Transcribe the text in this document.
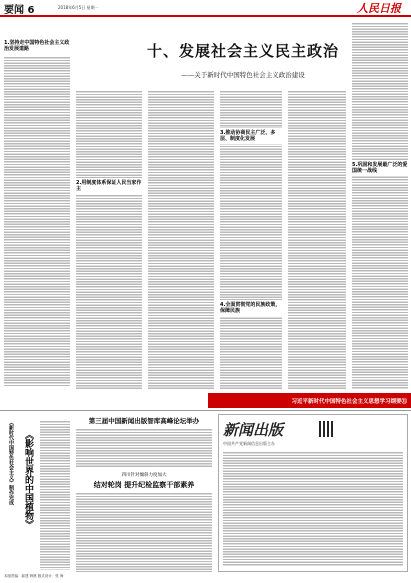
要闻 6	2018年6月5日 星期一	人民日报
十、发展社会主义民主政治
——关于新时代中国特色社会主义政治建设
1.坚持走中国特色社会主义政治发展道路
2.用制度体系保证人民当家作主
3.推动协商民主广泛、多层、制度化发展
4.全面贯彻党的民族政策，保障民族
5.巩固和发展最广泛的爱国统一战线
习近平新时代中国特色社会主义思想学习纲要⑪
《影响世界的中国植物》
《新时代中国特色社会主义》制作完成	第三届中国新闻出版智库高峰论坛举办
四川针对倾斜力度加大
结对轮岗 提升纪检监察干部素养
新闻出版
中国共产党新闻信息出版主办
本版责编：郝建 韩晨 版式设计：张 海
